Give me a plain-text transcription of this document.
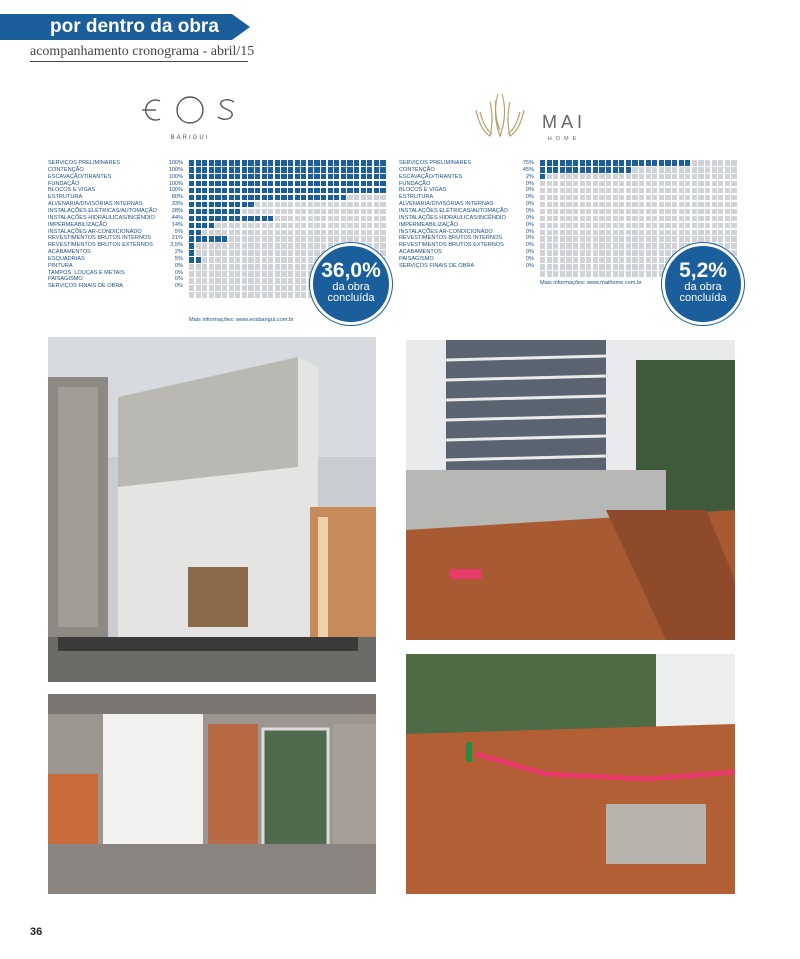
por dentro da obra
acompanhamento cronograma - abril/15
BARIGUI
MAI
HOME
SERVIÇOS PRELIMINARES	100%
CONTENÇÃO	100%
ESCAVAÇÃO/TIRANTES	100%
FUNDAÇÃO	100%
BLOCOS E VIGAS	100%
ESTRUTURA	80%
ALVENARIA/DIVISÓRIAS INTERNAS	33%
INSTALAÇÕES ELÉTRICAS/AUTOMAÇÃO	28%
INSTALAÇÕES HIDRÁULICAS/INCÊNDIO	44%
IMPERMEABILIZAÇÃO	14%
INSTALAÇÕES AR-CONDICIONADO	5%
REVESTIMENTOS BRUTOS INTERNOS	21%
REVESTIMENTOS BRUTOS EXTERNOS	3,5%
ACABAMENTOS	2%
ESQUADRIAS	5%
PINTURA	0%
TAMPOS, LOUÇAS E METAIS	0%
PAISAGISMO	0%
SERVIÇOS FINAIS DE OBRA	0%
Mais informações: www.eosbarigui.com.br
36,0%
da obra
concluída
SERVIÇOS PRELIMINARES	75%
CONTENÇÃO	45%
ESCAVAÇÃO/TIRANTES	2%
FUNDAÇÃO	0%
BLOCOS E VIGAS	0%
ESTRUTURA	0%
ALVENARIA/DIVISÓRIAS INTERNAS	0%
INSTALAÇÕES ELÉTRICAS/AUTOMAÇÃO	0%
INSTALAÇÕES HIDRÁULICAS/INCÊNDIO	0%
IMPERMEABILIZAÇÃO	0%
INSTALAÇÕES AR-CONDICIONADO	0%
REVESTIMENTOS BRUTOS INTERNOS	0%
REVESTIMENTOS BRUTOS EXTERNOS	0%
ACABAMENTOS	0%
PAISAGISMO	0%
SERVIÇOS FINAIS DE OBRA	0%
Mais informações: www.maihome.com.br
5,2%
da obra
concluída
36
